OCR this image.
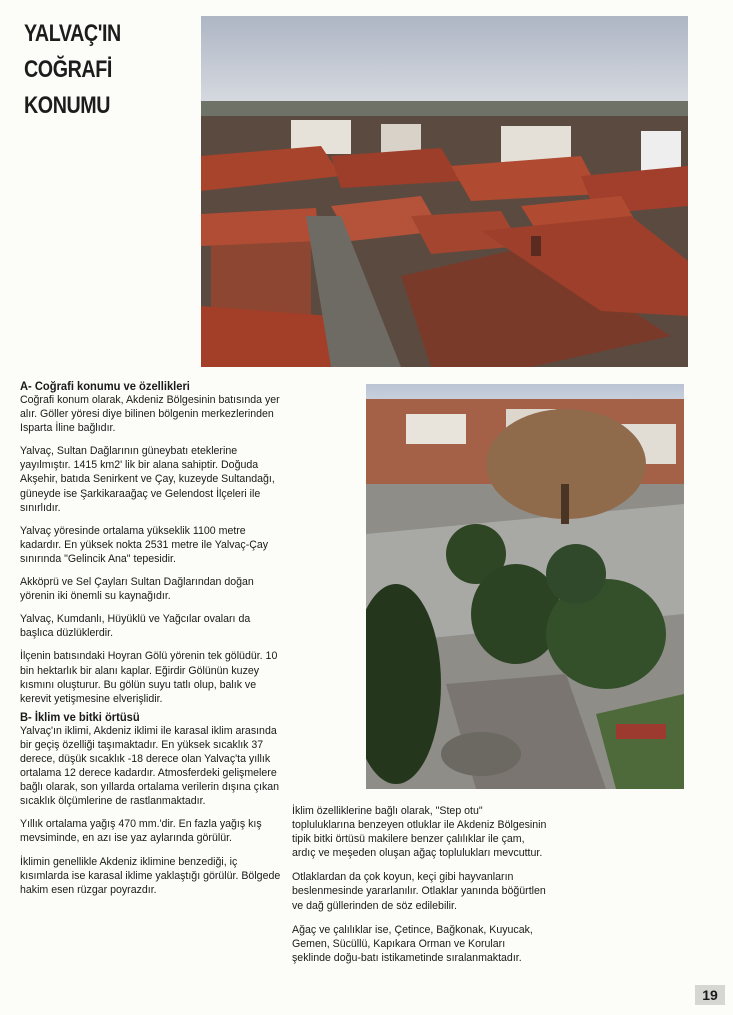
YALVAÇ'IN
COĞRAFİ
KONUMU
A- Coğrafi konumu ve özellikleri

Coğrafi konum olarak, Akdeniz Bölgesinin batısında yer alır. Göller yöresi diye bilinen bölgenin merkezlerinden Isparta İline bağlıdır.

Yalvaç, Sultan Dağlarının güneybatı eteklerine yayılmıştır. 1415 km2' lik bir alana sahiptir. Doğuda Akşehir, batıda Senirkent ve Çay, kuzeyde Sultandağı, güneyde ise Şarkikaraağaç ve Gelendost İlçeleri ile sınırlıdır.

Yalvaç yöresinde ortalama yükseklik 1100 metre kadardır. En yüksek nokta 2531 metre ile Yalvaç-Çay sınırında "Gelincik Ana" tepesidir.

Akköprü ve Sel Çayları Sultan Dağlarından doğan yörenin iki önemli su kaynağıdır.

Yalvaç, Kumdanlı, Hüyüklü ve Yağcılar ovaları da başlıca düzlüklerdir.

İlçenin batısındaki Hoyran Gölü yörenin tek gölüdür. 10 bin hektarlık bir alanı kaplar. Eğirdir Gölünün kuzey kısmını oluşturur. Bu gölün suyu tatlı olup, balık ve kerevit yetişmesine elverişlidir.

B- İklim ve bitki örtüsü

Yalvaç'ın iklimi, Akdeniz iklimi ile karasal iklim arasında bir geçiş özelliği taşımaktadır. En yüksek sıcaklık 37 derece, düşük sıcaklık -18 derece olan Yalvaç'ta yıllık ortalama 12 derece kadardır. Atmosferdeki gelişmelere bağlı olarak, son yıllarda ortalama verilerin dışına çıkan sıcaklık ölçümlerine de rastlanmaktadır.

Yıllık ortalama yağış 470 mm.'dir. En fazla yağış kış mevsiminde, en azı ise yaz aylarında görülür.

İklimin genellikle Akdeniz iklimine benzediği, iç kısımlarda ise karasal iklime yaklaştığı görülür. Bölgede hakim esen rüzgar poyrazdır.

İklim özelliklerine bağlı olarak, "Step otu" topluluklarına benzeyen otluklar ile Akdeniz Bölgesinin tipik bitki örtüsü makilere benzer çalılıklar ile çam, ardıç ve meşeden oluşan ağaç toplulukları mevcuttur.

Otlaklardan da çok koyun, keçi gibi hayvanların beslenmesinde yararlanılır. Otlaklar yanında böğürtlen ve dağ güllerinden de söz edilebilir.

Ağaç ve çalılıklar ise, Çetince, Bağkonak, Kuyucak, Gemen, Sücüllü, Kapıkara Orman ve Koruları şeklinde doğu-batı istikametinde sıralanmaktadır.

19
